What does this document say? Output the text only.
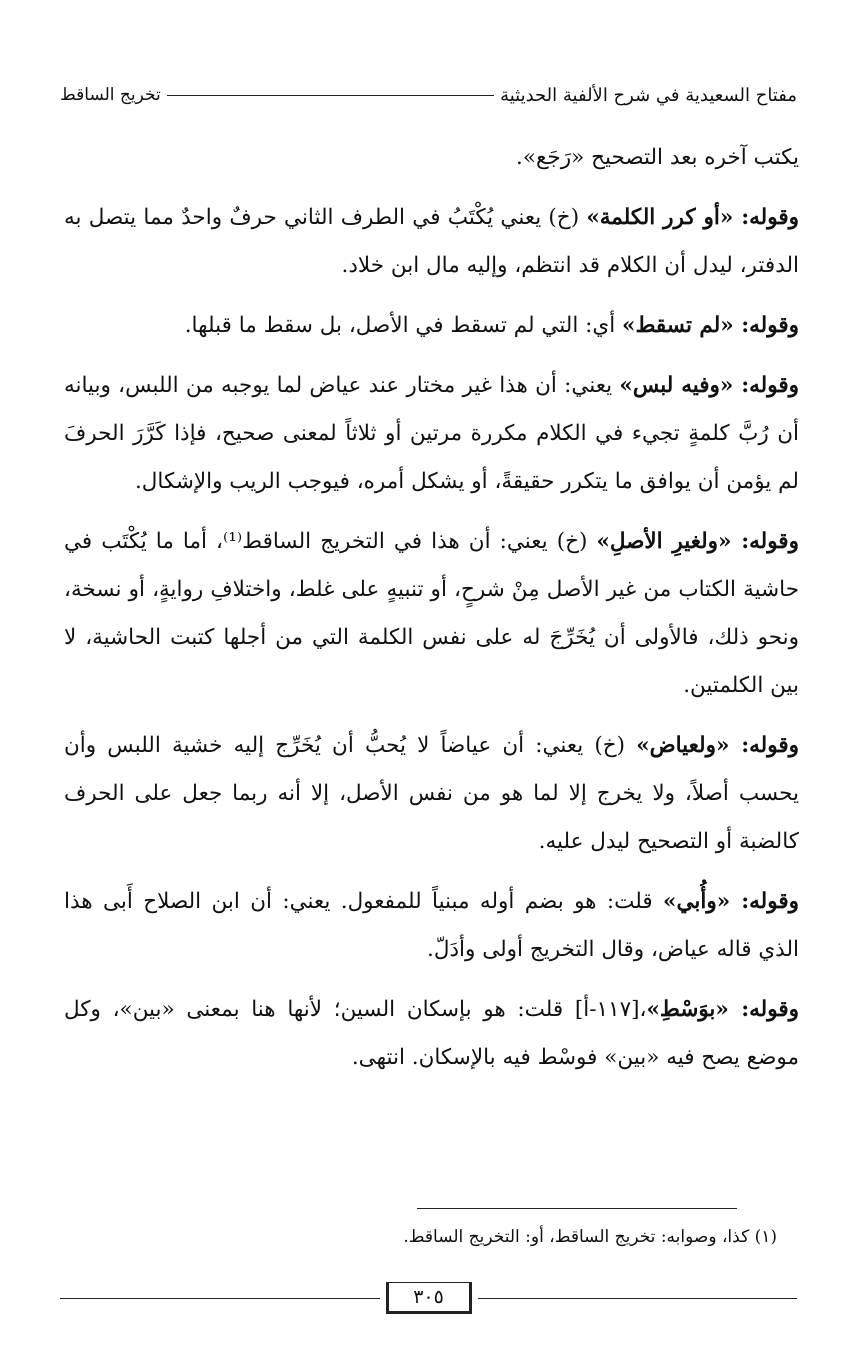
مفتاح السعيدية في شرح الألفية الحديثية
تخريج الساقط

يكتب آخره بعد التصحيح «رَجَع».

وقوله: «أو كرر الكلمة» (خ) يعني يُكْتَبُ في الطرف الثاني حرفٌ واحدٌ مما يتصل به الدفتر، ليدل أن الكلام قد انتظم، وإليه مال ابن خلاد.

وقوله: «لم تسقط» أي: التي لم تسقط في الأصل، بل سقط ما قبلها.

وقوله: «وفيه لبس» يعني: أن هذا غير مختار عند عياض لما يوجبه من اللبس، وبيانه أن رُبَّ كلمةٍ تجيء في الكلام مكررة مرتين أو ثلاثاً لمعنى صحيح، فإذا كَرَّرَ الحرفَ لم يؤمن أن يوافق ما يتكرر حقيقةً، أو يشكل أمره، فيوجب الريب والإشكال.

وقوله: «ولغيرِ الأصلِ» (خ) يعني: أن هذا في التخريج الساقط⁽¹⁾، أما ما يُكْتَب في حاشية الكتاب من غير الأصل مِنْ شرحٍ، أو تنبيهٍ على غلط، واختلافِ روايةٍ، أو نسخة، ونحو ذلك، فالأولى أن يُخَرِّجَ له على نفس الكلمة التي من أجلها كتبت الحاشية، لا بين الكلمتين.

وقوله: «ولعياض» (خ) يعني: أن عياضاً لا يُحبُّ أن يُخَرِّج إليه خشية اللبس وأن يحسب أصلاً، ولا يخرج إلا لما هو من نفس الأصل، إلا أنه ربما جعل على الحرف كالضبة أو التصحيح ليدل عليه.

وقوله: «وأُبي» قلت: هو بضم أوله مبنياً للمفعول. يعني: أن ابن الصلاح أَبى هذا الذي قاله عياض، وقال التخريج أولى وأدَلّ.

وقوله: «بوَسْطِ»،[١١٧-أ] قلت: هو بإسكان السين؛ لأنها هنا بمعنى «بين»، وكل موضع يصح فيه «بين» فوسْط فيه بالإسكان. انتهى.

(١) كذا، وصوابه: تخريج الساقط، أو: التخريج الساقط.
٣٠٥
